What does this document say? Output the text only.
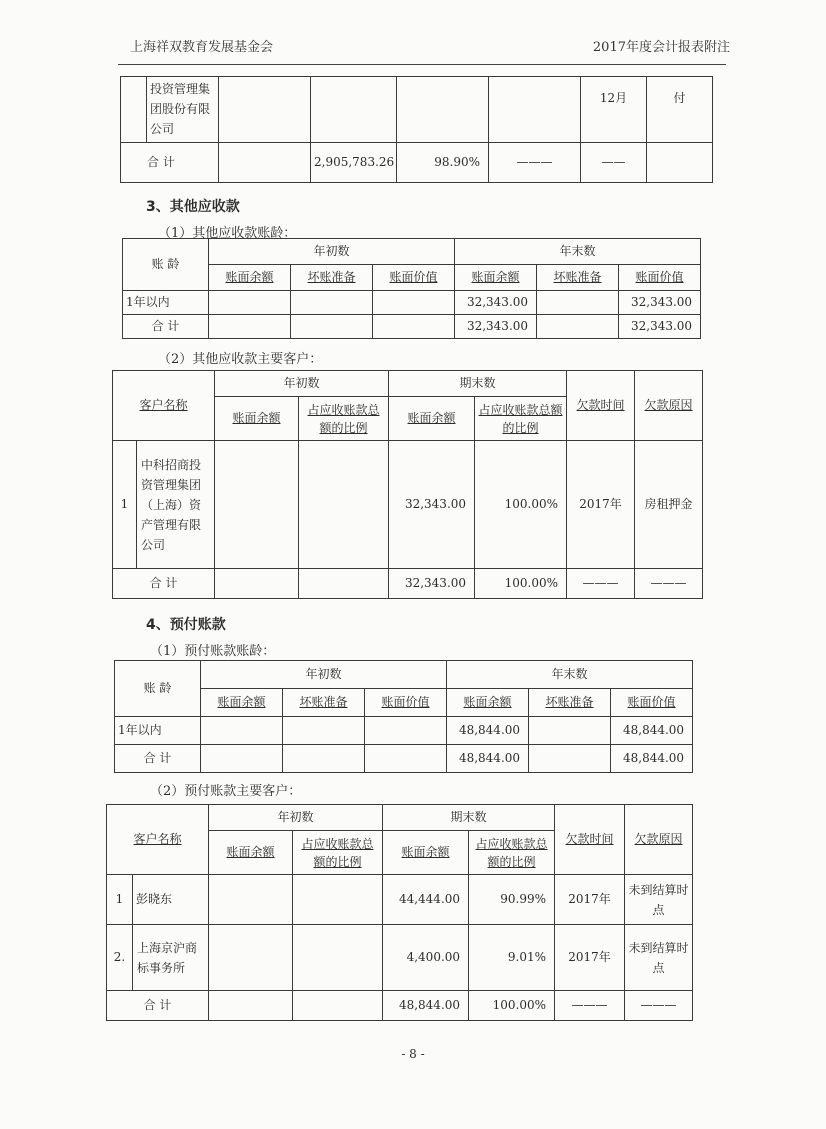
上海祥双教育发展基金会	2017年度会计报表附注
	投资管理集团股份有限公司					12月	付
合 计			2,905,783.26	98.90%	———	——	
3、其他应收款
（1）其他应收款账龄：
账 龄	年初数			年末数		
	账面余额	坏账准备	账面价值	账面余额	坏账准备	账面价值
1年以内				32,343.00		32,343.00
合 计				32,343.00		32,343.00
（2）其他应收款主要客户：
客户名称		年初数		期末数		欠款时间	欠款原因
		账面余额	占应收账款总额的比例	账面余额	占应收账款总额的比例		
1	中科招商投资管理集团（上海）资产管理有限公司			32,343.00	100.00%	2017年	房租押金
合 计				32,343.00	100.00%	———	———
4、预付账款
（1）预付账款账龄：
账 龄	年初数			年末数		
	账面余额	坏账准备	账面价值	账面余额	坏账准备	账面价值
1年以内				48,844.00		48,844.00
合 计				48,844.00		48,844.00
（2）预付账款主要客户：
客户名称		年初数		期末数		欠款时间	欠款原因
		账面余额	占应收账款总额的比例	账面余额	占应收账款总额的比例		
1	彭晓东			44,444.00	90.99%	2017年	未到结算时点
2.	上海京沪商标事务所			4,400.00	9.01%	2017年	未到结算时点
合 计				48,844.00	100.00%	———	———
- 8 -
